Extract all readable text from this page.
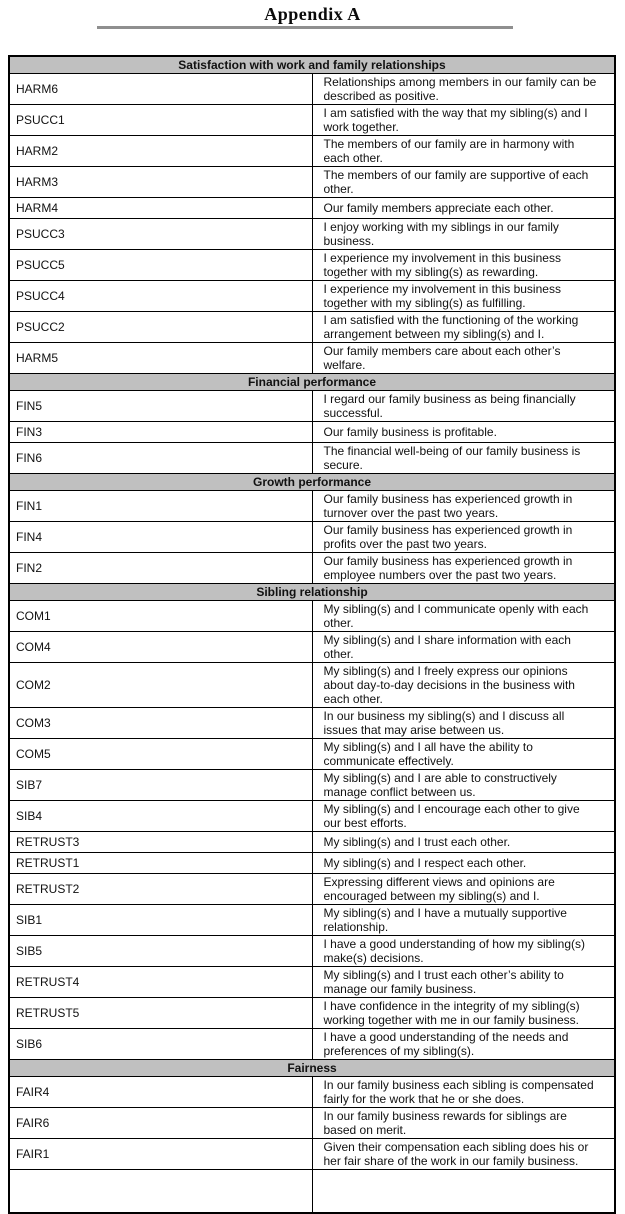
Appendix A
Satisfaction with work and family relationships	
HARM6	Relationships among members in our family can be described as positive.
PSUCC1	I am satisfied with the way that my sibling(s) and I work together.
HARM2	The members of our family are in harmony with each other.
HARM3	The members of our family are supportive of each other.
HARM4	Our family members appreciate each other.
PSUCC3	I enjoy working with my siblings in our family business.
PSUCC5	I experience my involvement in this business together with my sibling(s) as rewarding.
PSUCC4	I experience my involvement in this business together with my sibling(s) as fulfilling.
PSUCC2	I am satisfied with the functioning of the working arrangement between my sibling(s) and I.
HARM5	Our family members care about each other’s welfare.
Financial performance	
FIN5	I regard our family business as being financially successful.
FIN3	Our family business is profitable.
FIN6	The financial well-being of our family business is secure.
Growth performance	
FIN1	Our family business has experienced growth in turnover over the past two years.
FIN4	Our family business has experienced growth in profits over the past two years.
FIN2	Our family business has experienced growth in employee numbers over the past two years.
Sibling relationship	
COM1	My sibling(s) and I communicate openly with each other.
COM4	My sibling(s) and I share information with each other.
COM2	My sibling(s) and I freely express our opinions about day-to-day decisions in the business with each other.
COM3	In our business my sibling(s) and I discuss all issues that may arise between us.
COM5	My sibling(s) and I all have the ability to communicate effectively.
SIB7	My sibling(s) and I are able to constructively manage conflict between us.
SIB4	My sibling(s) and I encourage each other to give our best efforts.
RETRUST3	My sibling(s) and I trust each other.
RETRUST1	My sibling(s) and I respect each other.
RETRUST2	Expressing different views and opinions are encouraged between my sibling(s) and I.
SIB1	My sibling(s) and I have a mutually supportive relationship.
SIB5	I have a good understanding of how my sibling(s) make(s) decisions.
RETRUST4	My sibling(s) and I trust each other’s ability to manage our family business.
RETRUST5	I have confidence in the integrity of my sibling(s) working together with me in our family business.
SIB6	I have a good understanding of the needs and preferences of my sibling(s).
Fairness	
FAIR4	In our family business each sibling is compensated fairly for the work that he or she does.
FAIR6	In our family business rewards for siblings are based on merit.
FAIR1	Given their compensation each sibling does his or her fair share of the work in our family business.
